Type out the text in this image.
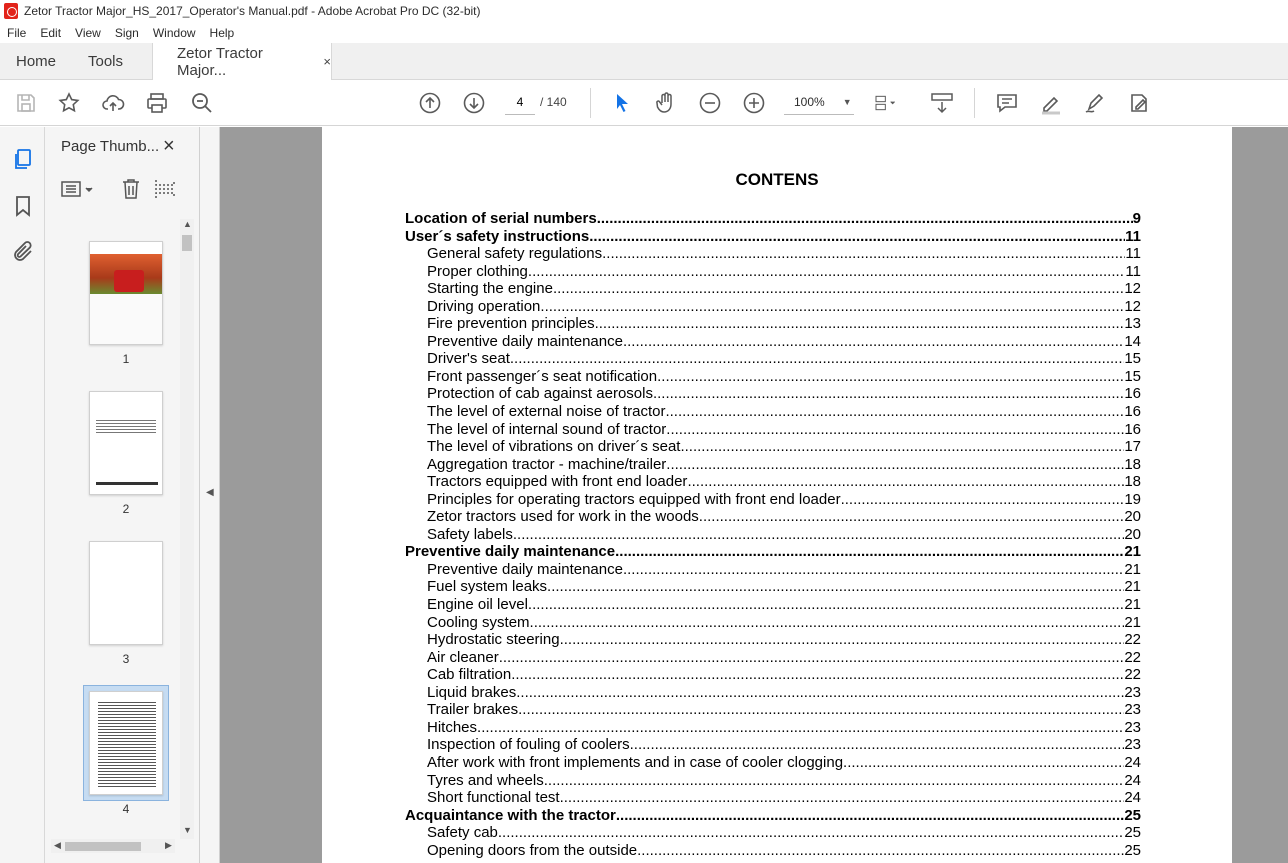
Zetor Tractor Major_HS_2017_Operator's Manual.pdf - Adobe Acrobat Pro DC (32-bit)
File	Edit	View	Sign	Window	Help
Home	Tools	Zetor Tractor Major...	×
4
/ 140	100% ▼
Page Thumb... ×
1
2
3
4
▲
▼
◀	▶
◀
CONTENS
Location of serial numbers .....	9
User´s safety instructions .....	11
General safety regulations .....	11
Proper clothing .....	11
Starting the engine .....	12
Driving operation .....	12
Fire prevention principles .....	13
Preventive daily maintenance .....	14
Driver's seat .....	15
Front passenger´s seat notification .....	15
Protection of cab against aerosols .....	16
The level of external noise of tractor .....	16
The level of internal sound of tractor .....	16
The level of vibrations on driver´s seat .....	17
Aggregation tractor - machine/trailer .....	18
Tractors equipped with front end loader .....	18
Principles for operating tractors equipped with front end loader .....	19
Zetor tractors used for work in the woods .....	20
Safety labels .....	20
Preventive daily maintenance .....	21
Preventive daily maintenance .....	21
Fuel system leaks .....	21
Engine oil level .....	21
Cooling system .....	21
Hydrostatic steering .....	22
Air cleaner .....	22
Cab filtration .....	22
Liquid brakes .....	23
Trailer brakes .....	23
Hitches .....	23
Inspection of fouling of coolers .....	23
After work with front implements and in case of cooler clogging .....	24
Tyres and wheels .....	24
Short functional test .....	24
Acquaintance with the tractor .....	25
Safety cab .....	25
Opening doors from the outside .....	25
